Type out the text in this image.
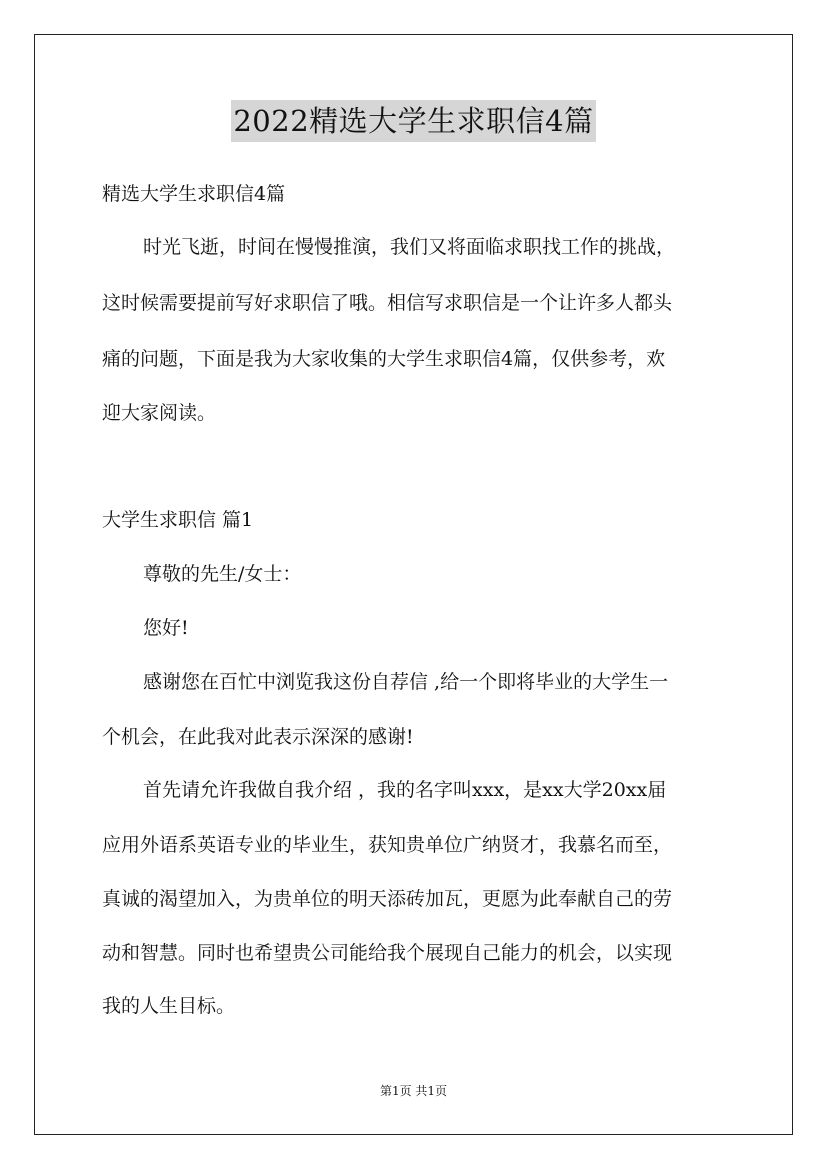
2022精选大学生求职信4篇
精选大学生求职信4篇
时光飞逝，时间在慢慢推演，我们又将面临求职找工作的挑战，
这时候需要提前写好求职信了哦。相信写求职信是一个让许多人都头
痛的问题，下面是我为大家收集的大学生求职信4篇，仅供参考，欢
迎大家阅读。
大学生求职信 篇1
尊敬的先生/女士：
您好!
感谢您在百忙中浏览我这份自荐信 ,给一个即将毕业的大学生一
个机会，在此我对此表示深深的感谢!
首先请允许我做自我介绍 ，我的名字叫xxx，是xx大学20xx届
应用外语系英语专业的毕业生，获知贵单位广纳贤才，我慕名而至，
真诚的渴望加入，为贵单位的明天添砖加瓦，更愿为此奉献自己的劳
动和智慧。同时也希望贵公司能给我个展现自己能力的机会，以实现
我的人生目标。
第1页 共1页
